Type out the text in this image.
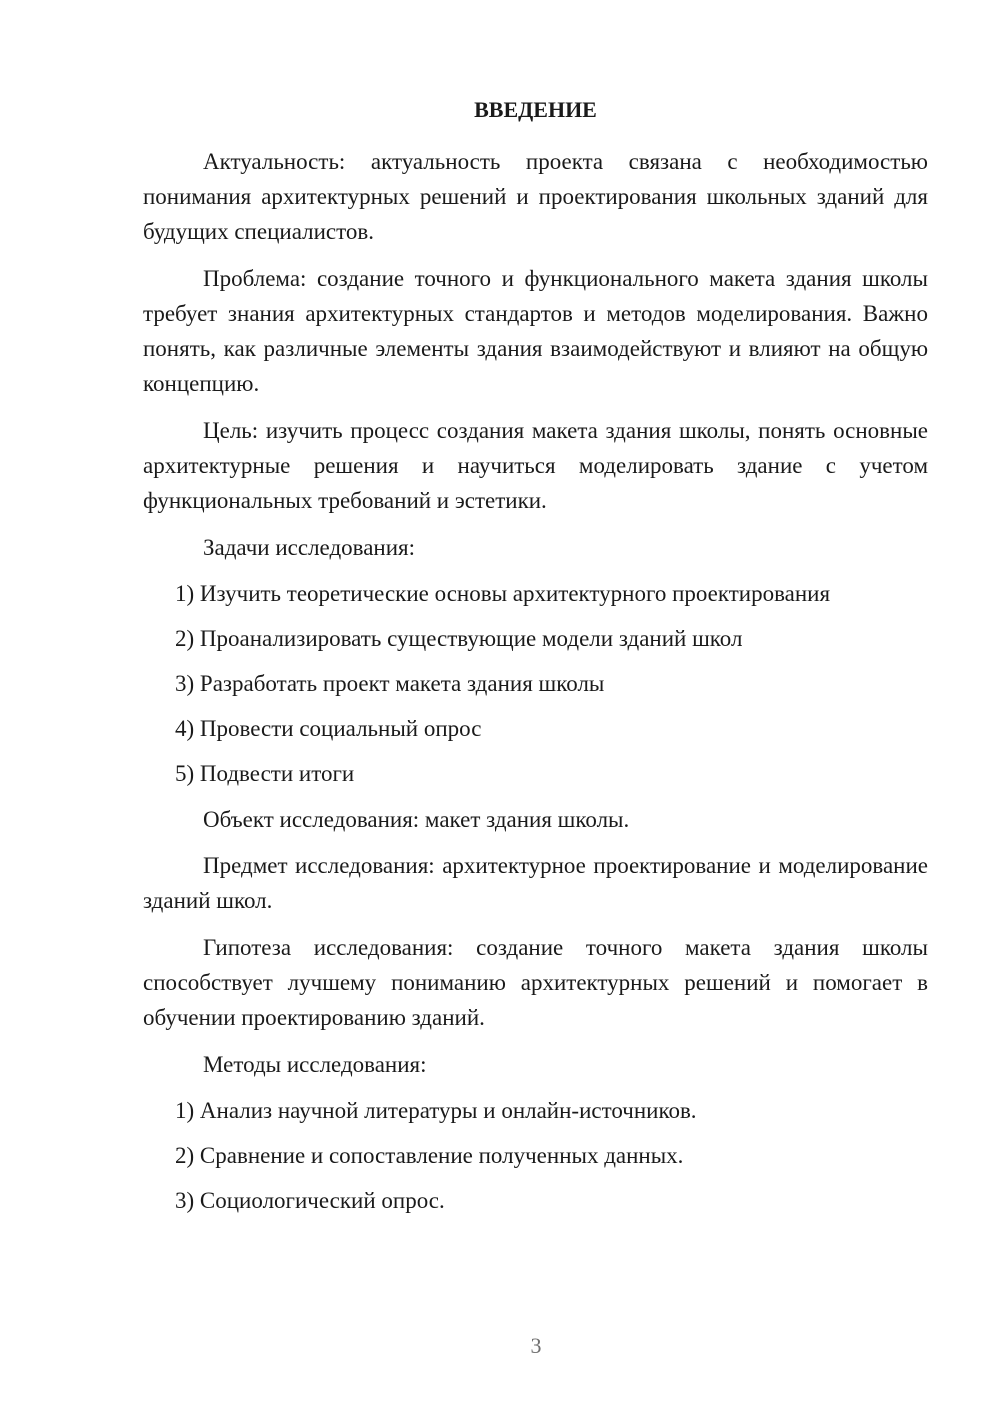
ВВЕДЕНИЕ

Актуальность: актуальность проекта связана с необходимостью понимания архитектурных решений и проектирования школьных зданий для будущих специалистов.

Проблема: создание точного и функционального макета здания школы требует знания архитектурных стандартов и методов моделирования. Важно понять, как различные элементы здания взаимодействуют и влияют на общую концепцию.

Цель: изучить процесс создания макета здания школы, понять основные архитектурные решения и научиться моделировать здание с учетом функциональных требований и эстетики.

Задачи исследования:

1) Изучить теоретические основы архитектурного проектирования
2) Проанализировать существующие модели зданий школ
3) Разработать проект макета здания школы
4) Провести социальный опрос
5) Подвести итоги

Объект исследования: макет здания школы.

Предмет исследования: архитектурное проектирование и моделирование зданий школ.

Гипотеза исследования: создание точного макета здания школы способствует лучшему пониманию архитектурных решений и помогает в обучении проектированию зданий.

Методы исследования:

1) Анализ научной литературы и онлайн-источников.
2) Сравнение и сопоставление полученных данных.
3) Социологический опрос.
3
